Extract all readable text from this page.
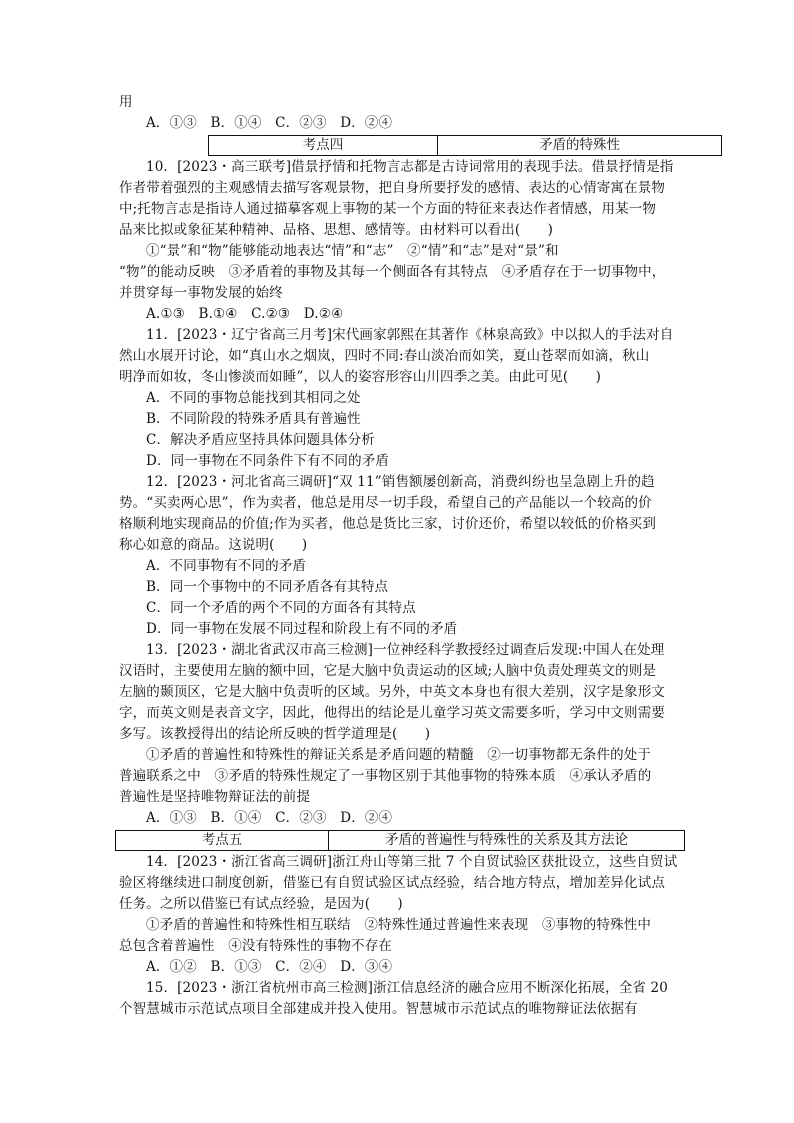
用

A．①③　B．①④　C．②③　D．②④

考点四	矛盾的特殊性

10．[2023・高三联考]借景抒情和托物言志都是古诗词常用的表现手法。借景抒情是指

作者带着强烈的主观感情去描写客观景物，把自身所要抒发的感情、表达的心情寄寓在景物

中;托物言志是指诗人通过描摹客观上事物的某一个方面的特征来表达作者情感，用某一物

品来比拟或象征某种精神、品格、思想、感情等。由材料可以看出(　　)

①“景”和“物”能够能动地表达“情”和“志”　②“情”和“志”是对“景”和

“物”的能动反映　③矛盾着的事物及其每一个侧面各有其特点　④矛盾存在于一切事物中，

并贯穿每一事物发展的始终

A.①③　B.①④　C.②③　D.②④

11．[2023・辽宁省高三月考]宋代画家郭熙在其著作《林泉高致》中以拟人的手法对自

然山水展开讨论，如“真山水之烟岚，四时不同:春山淡冶而如笑，夏山苍翠而如滴，秋山

明净而如妆，冬山惨淡而如睡”，以人的姿容形容山川四季之美。由此可见(　　)

A．不同的事物总能找到其相同之处

B．不同阶段的特殊矛盾具有普遍性

C．解决矛盾应坚持具体问题具体分析

D．同一事物在不同条件下有不同的矛盾

12．[2023・河北省高三调研]“双 11”销售额屡创新高，消费纠纷也呈急剧上升的趋

势。“买卖两心思”，作为卖者，他总是用尽一切手段，希望自己的产品能以一个较高的价

格顺利地实现商品的价值;作为买者，他总是货比三家，讨价还价，希望以较低的价格买到

称心如意的商品。这说明(　　)

A．不同事物有不同的矛盾

B．同一个事物中的不同矛盾各有其特点

C．同一个矛盾的两个不同的方面各有其特点

D．同一事物在发展不同过程和阶段上有不同的矛盾

13．[2023・湖北省武汉市高三检测]一位神经科学教授经过调查后发现:中国人在处理

汉语时，主要使用左脑的额中回，它是大脑中负责运动的区域;人脑中负责处理英文的则是

左脑的颞顶区，它是大脑中负责听的区域。另外，中英文本身也有很大差别，汉字是象形文

字，而英文则是表音文字，因此，他得出的结论是儿童学习英文需要多听，学习中文则需要

多写。该教授得出的结论所反映的哲学道理是(　　)

①矛盾的普遍性和特殊性的辩证关系是矛盾问题的精髓　②一切事物都无条件的处于

普遍联系之中　③矛盾的特殊性规定了一事物区别于其他事物的特殊本质　④承认矛盾的

普遍性是坚持唯物辩证法的前提

A．①③　B．①④　C．②③　D．②④

考点五	矛盾的普遍性与特殊性的关系及其方法论

14．[2023・浙江省高三调研]浙江舟山等第三批 7 个自贸试验区获批设立，这些自贸试

验区将继续进口制度创新，借鉴已有自贸试验区试点经验，结合地方特点，增加差异化试点

任务。之所以借鉴已有试点经验，是因为(　　)

①矛盾的普遍性和特殊性相互联结　②特殊性通过普遍性来表现　③事物的特殊性中

总包含着普遍性　④没有特殊性的事物不存在

A．①②　B．①③　C．②④　D．③④

15．[2023・浙江省杭州市高三检测]浙江信息经济的融合应用不断深化拓展，全省 20

个智慧城市示范试点项目全部建成并投入使用。智慧城市示范试点的唯物辩证法依据有
